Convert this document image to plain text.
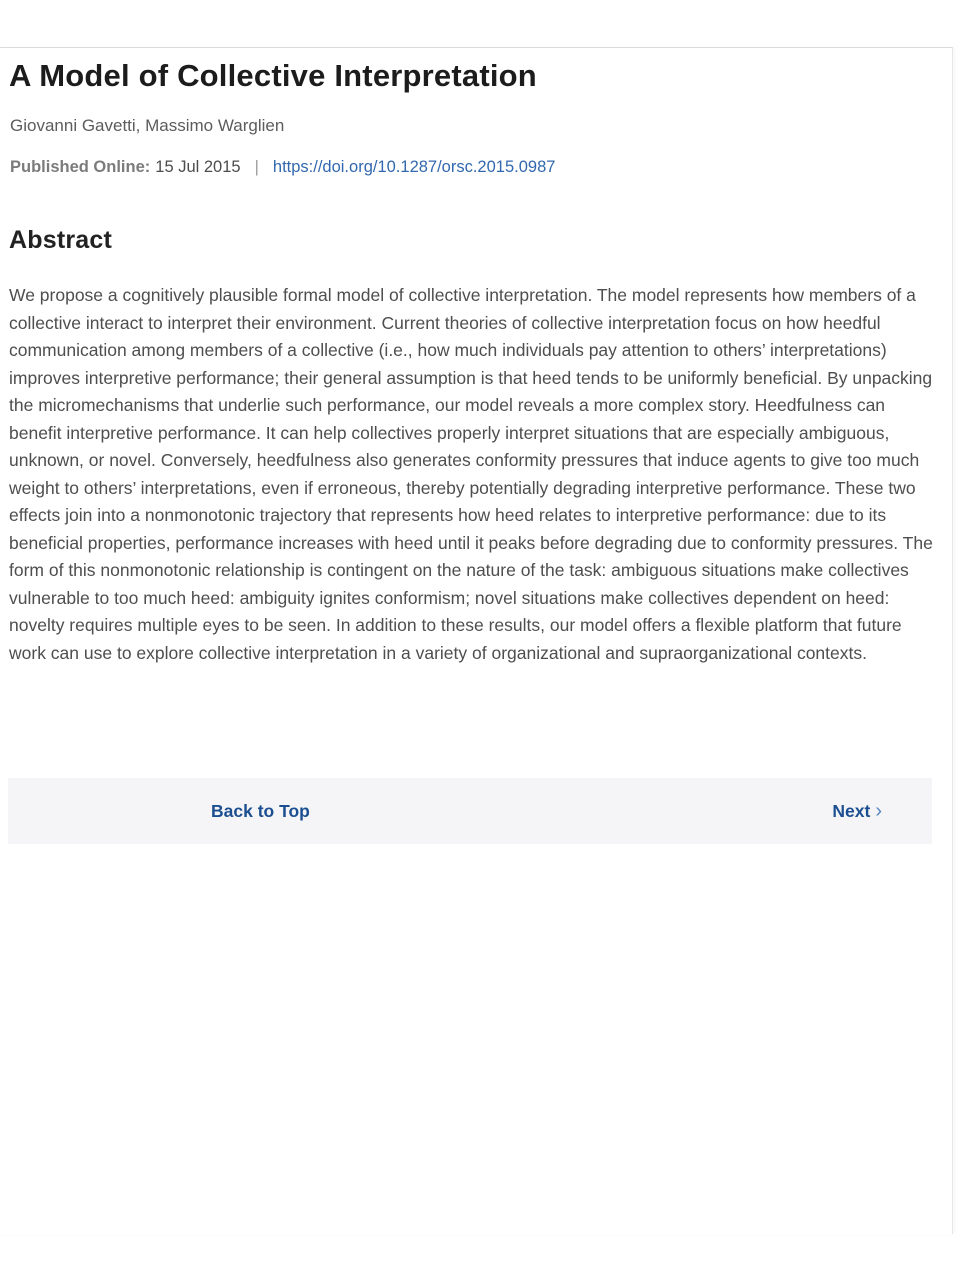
A Model of Collective Interpretation
Giovanni Gavetti, Massimo Warglien
Published Online: 15 Jul 2015 | https://doi.org/10.1287/orsc.2015.0987
Abstract

We propose a cognitively plausible formal model of collective interpretation. The model represents how members of a collective interact to interpret their environment. Current theories of collective interpretation focus on how heedful communication among members of a collective (i.e., how much individuals pay attention to others’ interpretations) improves interpretive performance; their general assumption is that heed tends to be uniformly beneficial. By unpacking the micromechanisms that underlie such performance, our model reveals a more complex story. Heedfulness can benefit interpretive performance. It can help collectives properly interpret situations that are especially ambiguous, unknown, or novel. Conversely, heedfulness also generates conformity pressures that induce agents to give too much weight to others’ interpretations, even if erroneous, thereby potentially degrading interpretive performance. These two effects join into a nonmonotonic trajectory that represents how heed relates to interpretive performance: due to its beneficial properties, performance increases with heed until it peaks before degrading due to conformity pressures. The form of this nonmonotonic relationship is contingent on the nature of the task: ambiguous situations make collectives vulnerable to too much heed: ambiguity ignites conformism; novel situations make collectives dependent on heed: novelty requires multiple eyes to be seen. In addition to these results, our model offers a flexible platform that future work can use to explore collective interpretation in a variety of organizational and supraorganizational contexts.

Back to Top	Next ›
